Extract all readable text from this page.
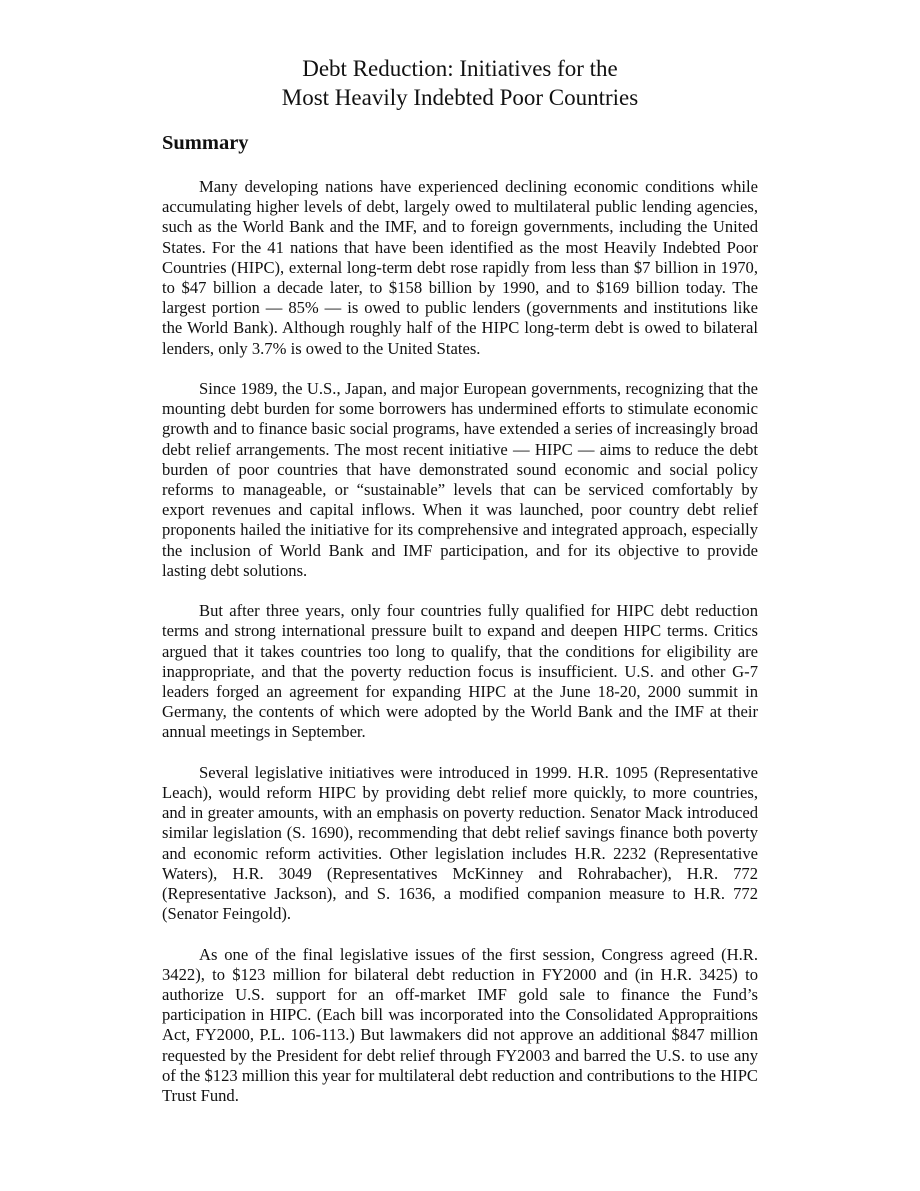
Debt Reduction: Initiatives for the
Most Heavily Indebted Poor Countries
Summary

Many developing nations have experienced declining economic conditions while accumulating higher levels of debt, largely owed to multilateral public lending agencies, such as the World Bank and the IMF, and to foreign governments, including the United States. For the 41 nations that have been identified as the most Heavily Indebted Poor Countries (HIPC), external long-term debt rose rapidly from less than $7 billion in 1970, to $47 billion a decade later, to $158 billion by 1990, and to $169 billion today. The largest portion — 85% — is owed to public lenders (governments and institutions like the World Bank). Although roughly half of the HIPC long-term debt is owed to bilateral lenders, only 3.7% is owed to the United States.

Since 1989, the U.S., Japan, and major European governments, recognizing that the mounting debt burden for some borrowers has undermined efforts to stimulate economic growth and to finance basic social programs, have extended a series of increasingly broad debt relief arrangements. The most recent initiative — HIPC — aims to reduce the debt burden of poor countries that have demonstrated sound economic and social policy reforms to manageable, or “sustainable” levels that can be serviced comfortably by export revenues and capital inflows. When it was launched, poor country debt relief proponents hailed the initiative for its comprehensive and integrated approach, especially the inclusion of World Bank and IMF participation, and for its objective to provide lasting debt solutions.

But after three years, only four countries fully qualified for HIPC debt reduction terms and strong international pressure built to expand and deepen HIPC terms. Critics argued that it takes countries too long to qualify, that the conditions for eligibility are inappropriate, and that the poverty reduction focus is insufficient. U.S. and other G-7 leaders forged an agreement for expanding HIPC at the June 18-20, 2000 summit in Germany, the contents of which were adopted by the World Bank and the IMF at their annual meetings in September.

Several legislative initiatives were introduced in 1999. H.R. 1095 (Representative Leach), would reform HIPC by providing debt relief more quickly, to more countries, and in greater amounts, with an emphasis on poverty reduction. Senator Mack introduced similar legislation (S. 1690), recommending that debt relief savings finance both poverty and economic reform activities. Other legislation includes H.R. 2232 (Representative Waters), H.R. 3049 (Representatives McKinney and Rohrabacher), H.R. 772 (Representative Jackson), and S. 1636, a modified companion measure to H.R. 772 (Senator Feingold).

As one of the final legislative issues of the first session, Congress agreed (H.R. 3422), to $123 million for bilateral debt reduction in FY2000 and (in H.R. 3425) to authorize U.S. support for an off-market IMF gold sale to finance the Fund’s participation in HIPC. (Each bill was incorporated into the Consolidated Appropraitions Act, FY2000, P.L. 106-113.) But lawmakers did not approve an additional $847 million requested by the President for debt relief through FY2003 and barred the U.S. to use any of the $123 million this year for multilateral debt reduction and contributions to the HIPC Trust Fund.
